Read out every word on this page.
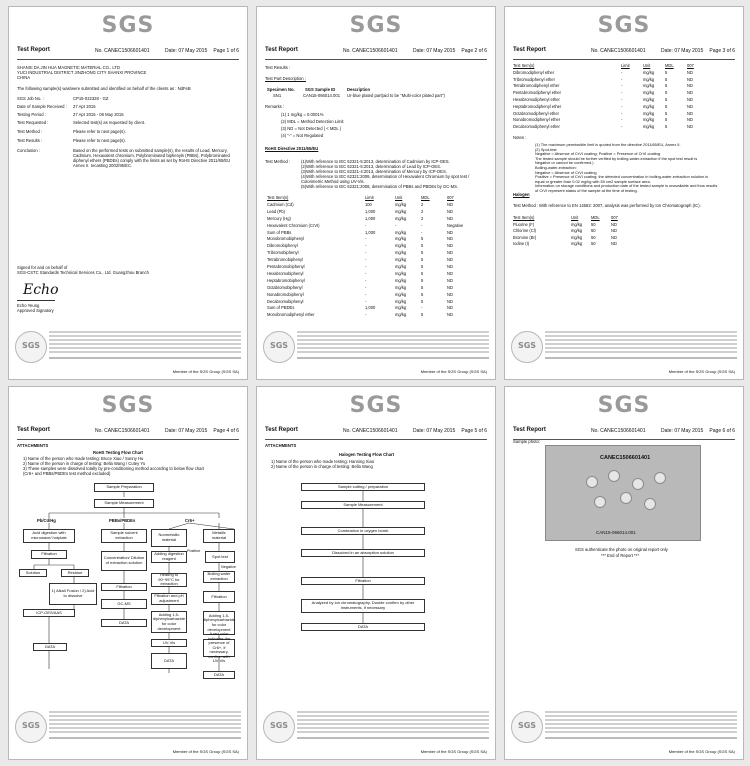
SGS
Test Report	No. CANEC1506601401	Date: 07 May 2015 Page 1 of 6
SHANXI DA JIN HUA MAGNETIC MATERIAL CO., LTD
YUCI INDUSTRIAL DISTRICT JINZHONG CITY SHANXI PROVINCE
CHINA
The following sample(s) was/were submitted and identified on behalf of the clients as : NdFeB
SGS Job No. :	CP15-022328 - GZ
Date of Sample Received : 27 Apr 2015
Testing Period :	27 Apr 2015 - 06 May 2015
Test Requested :	Selected test(s) as requested by client.
Test Method :	Please refer to next page(s).
Test Results :	Please refer to next page(s).
Conclusion :	Based on the performed tests on submitted sample(s), the results of Lead, Mercury, Cadmium, Hexavalent chromium, Polybrominated biphenyls (PBBs), Polybrominated diphenyl ethers (PBDEs) comply with the limits as set by RoHS Directive 2011/65/EU Annex II. recasting 2002/95/EC.
Signed for and on behalf of
SGS-CSTC Standards Technical Services Co., Ltd. Guangzhou Branch
Echo
Echo Yeung
Approved Signatory
SGS
Member of the SGS Group (SGS SA)
SGS
Test Report	No. CANEC1506601401	Date: 07 May 2015 Page 2 of 6
Test Results :
Test Part Description :
Specimen No. SGS Sample ID	Description
SN1	CAN15-066014.001 Ur-blue plated part(aid to be "Multi-color plated part")
Remarks :
(1) 1 mg/kg = 0.0001%
(2) MDL = Method Detection Limit
(3) ND = Not Detected ( < MDL )
(4) "-" = Not Regulated
RoHS Directive 2011/65/EU
Test Method :	(1)With reference to IEC 62321-5:2013, determination of Cadmium by ICP-OES.
(2)With reference to IEC 62321-5:2013, determination of Lead by ICP-OES.
(3)With reference to IEC 62321-4:2013, determination of Mercury by ICP-OES.
(4)With reference to IEC 62321:2008, determination of Hexavalent Chromium by spot test /
Colorimetric Method using UV-Vis.
(5)With reference to IEC 62321:2008, determination of PBBs and PBDEs by GC-MS.
Test Item(s)	Limit	Unit	MDL	007
Cadmium (Cd)	100	mg/kg	2	ND
Lead (Pb)	1,000	mg/kg	2	ND
Mercury (Hg)	1,000	mg/kg	2	ND
Hexavalent Chromium (CrVI)	-	-	-	Negative
Sum of PBBs	1,000	mg/kg	-	ND
Monobromobiphenyl	-	mg/kg	5	ND
Dibromobiphenyl	-	mg/kg	5	ND
Tribromobiphenyl	-	mg/kg	5	ND
Tetrabromobiphenyl	-	mg/kg	5	ND
Pentabromobiphenyl	-	mg/kg	5	ND
Hexabromobiphenyl	-	mg/kg	5	ND
Heptabromobiphenyl	-	mg/kg	5	ND
Octabromobiphenyl	-	mg/kg	5	ND
Nonabromobiphenyl	-	mg/kg	5	ND
Decabromobiphenyl	-	mg/kg	5	ND
Sum of PBDEs	1,000	mg/kg	-	ND
Monobromodiphenyl ether	-	mg/kg	5	ND
SGS
Member of the SGS Group (SGS SA)
SGS
Test Report	No. CANEC1506601401	Date: 07 May 2015 Page 3 of 6
Test Item(s)	Limit	Unit	MDL	007
Dibromodiphenyl ether	-	mg/kg	5	ND
Tribromodiphenyl ether	-	mg/kg	5	ND
Tetrabromodiphenyl ether	-	mg/kg	5	ND
Pentabromodiphenyl ether	-	mg/kg	5	ND
Hexabromodiphenyl ether	-	mg/kg	5	ND
Heptabromodiphenyl ether	-	mg/kg	5	ND
Octabromodiphenyl ether	-	mg/kg	5	ND
Nonabromodiphenyl ether	-	mg/kg	5	ND
Decabromodiphenyl ether	-	mg/kg	5	ND
Notes :
(1) The maximum permissible limit is quoted from the directive 2011/65/EU, Annex II.
(2) Spot-test:
Negative = Absence of CrVI coating; Positive = Presence of CrVI coating
The tested sample should be further verified by boiling-water-extraction if the spot test result is
Negative or cannot be confirmed.)
Boiling-water-extraction:
Negative = Absence of CrVI coating
Positive = Presence of CrVI coating; the detected concentration in boiling-water-extraction solution is
equal or greater than 0.02 mg/kg with 50 cm2 sample surface area.
Information on storage conditions and production date of the tested sample is unavailable and thus results
of CrVI represent status of the sample at the time of testing.
Halogen
Test Method : With reference to EN 14582: 2007, analysis was performed by Ion Chromatograph (IC).
Test Item(s)	Unit	MDL	007
Fluorine (F)	mg/kg 50	ND
Chlorine (Cl)	mg/kg 50	ND
Bromine (Br)	mg/kg 50	ND
Iodine (I)	mg/kg 50	ND
SGS
Member of the SGS Group (SGS SA)
SGS
Test Report	No. CANEC1506601401	Date: 07 May 2015 Page 4 of 6
ATTACHMENTS
RoHS Testing Flow Chart
1) Name of the person who made testing: Bruce Xiao / Sunny Hu
2) Name of the person in charge of testing: Bella Wang / Cutey Yu
3) These samples were dissolved totally by pre-conditioning method according to below flow chart
(Cr6+ and PBBs/PBDEs test method excluded)
Sample Preparation
Sample Measurement
Pb/Cd/Hg	PBBs/PBDEs	Cr6+
Acid digestion with microwave/ hotplate
Sample solvent extraction
Nonmetallic material
Metallic material
Filtration
Concentration/ Dilution of extraction solution
Adding digestion reagent
Positive
Spot test
Solution	Residue
1) Alkali Fusion / 2) Acid to dissolve
Heating to 90~95°C for extraction
Negative
Boiling water extraction
Filtration
GC-MS
Filtration and pH adjustment
Filtration
ICP-OES/AAS	Adding 1,5-diphenylcarbazide for color development
Adding 1,5-diphenylcarbazide for color development
DATA
UV-Vis
indicates the presence of Cr6+, if necessary, confirm with UV-Vis
DATA
DATA
DATA
SGS
Member of the SGS Group (SGS SA)
SGS
Test Report	No. CANEC1506601401	Date: 07 May 2015 Page 5 of 6
ATTACHMENTS
Halogen Testing Flow Chart
1) Name of the person who made testing: Hanning Xiao
2) Name of the person in charge of testing: Bella Wang
Sample cutting / preparation
Sample Measurement
Combustion in oxygen bomb
Dissolved in an absorption solution
Filtration
Analyzed by ion chromatography. Double confirm by other instruments, if necessary
DATA
SGS
Member of the SGS Group (SGS SA)
SGS
Test Report	No. CANEC1506601401	Date: 07 May 2015 Page 6 of 6
Sample photo:
CANEC1506601401
CAN15-066014.001
SGS authenticate the photo on original report only
*** End of Report ***
SGS
Member of the SGS Group (SGS SA)
